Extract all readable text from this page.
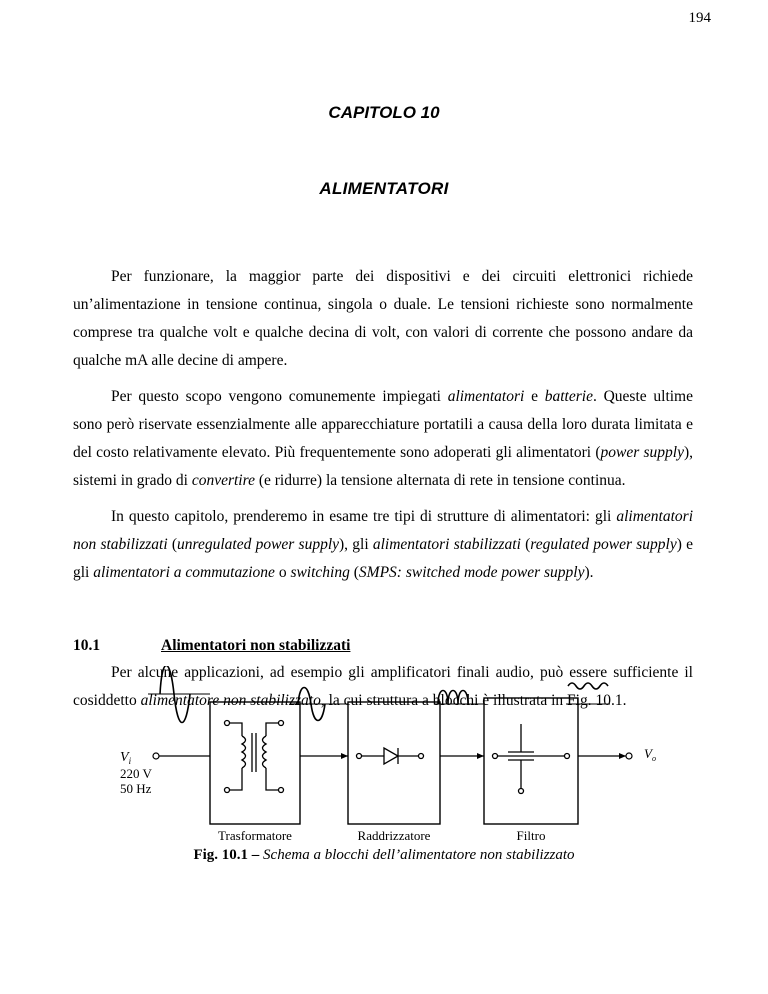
194
CAPITOLO 10
ALIMENTATORI

Per funzionare, la maggior parte dei dispositivi e dei circuiti elettronici richiede un’alimentazione in tensione continua, singola o duale. Le tensioni richieste sono normalmente comprese tra qualche volt e qualche decina di volt, con valori di corrente che possono andare da qualche mA alle decine di ampere.

Per questo scopo vengono comunemente impiegati alimentatori e batterie. Queste ultime sono però riservate essenzialmente alle apparecchiature portatili a causa della loro durata limitata e del costo relativamente elevato. Più frequentemente sono adoperati gli alimentatori (power supply), sistemi in grado di convertire (e ridurre) la tensione alternata di rete in tensione continua.

In questo capitolo, prenderemo in esame tre tipi di strutture di alimentatori: gli alimentatori non stabilizzati (unregulated power supply), gli alimentatori stabilizzati (regulated power supply) e gli alimentatori a commutazione o switching (SMPS: switched mode power supply).

10.1	Alimentatori non stabilizzati

Per alcune applicazioni, ad esempio gli amplificatori finali audio, può essere sufficiente il cosiddetto alimentatore non stabilizzato, la cui struttura a blocchi è illustrata in Fig. 10.1.

$V_i$
220 V
50 Hz
$V_o$
Trasformatore	Raddrizzatore	Filtro
Fig. 10.1 – Schema a blocchi dell’alimentatore non stabilizzato
